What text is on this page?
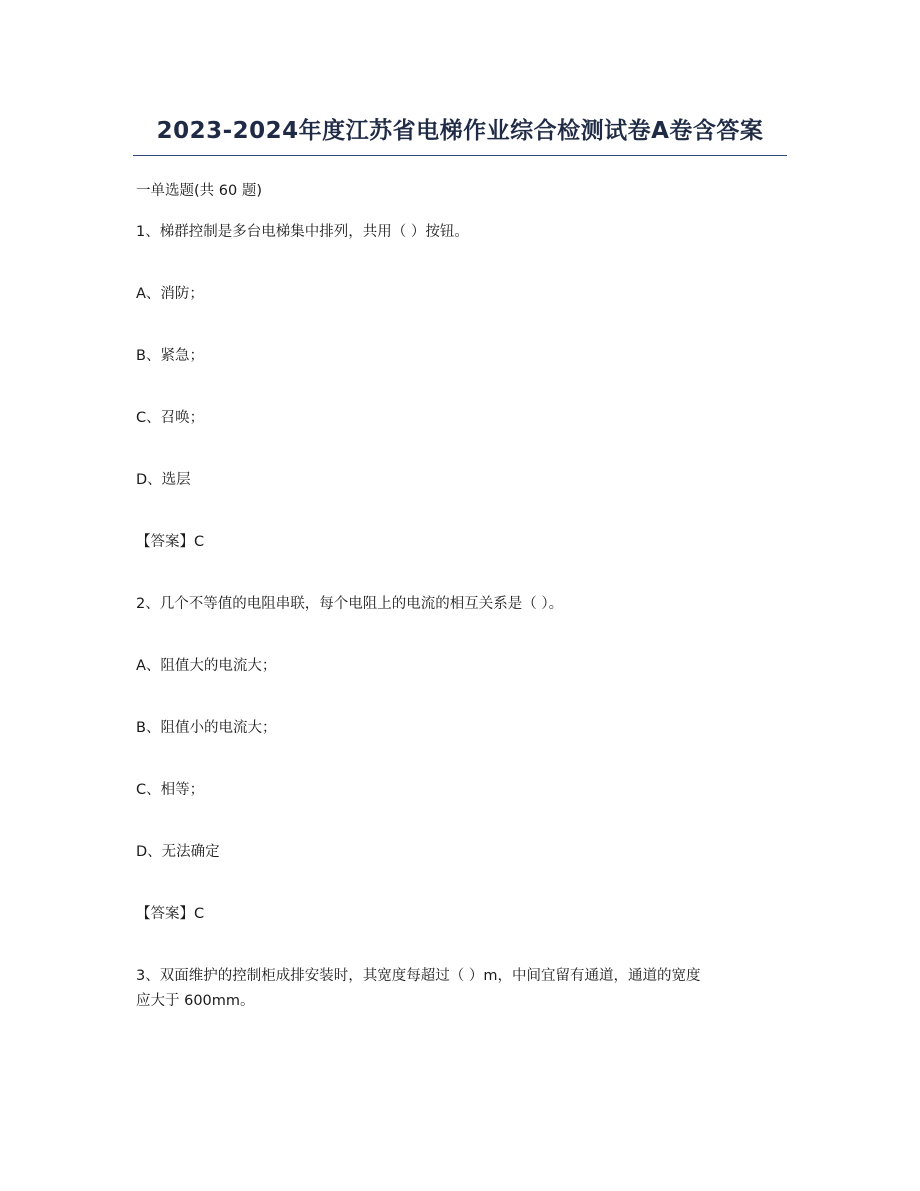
2023-2024年度江苏省电梯作业综合检测试卷A卷含答案
一单选题(共 60 题)
1、梯群控制是多台电梯集中排列，共用（ ）按钮。
A、消防；
B、紧急；
C、召唤；
D、选层
【答案】C
2、几个不等值的电阻串联，每个电阻上的电流的相互关系是（ ）。
A、阻值大的电流大；
B、阻值小的电流大；
C、相等；
D、无法确定
【答案】C
3、双面维护的控制柜成排安装时，其宽度每超过（ ）m，中间宜留有通道，通道的宽度
应大于 600mm。
